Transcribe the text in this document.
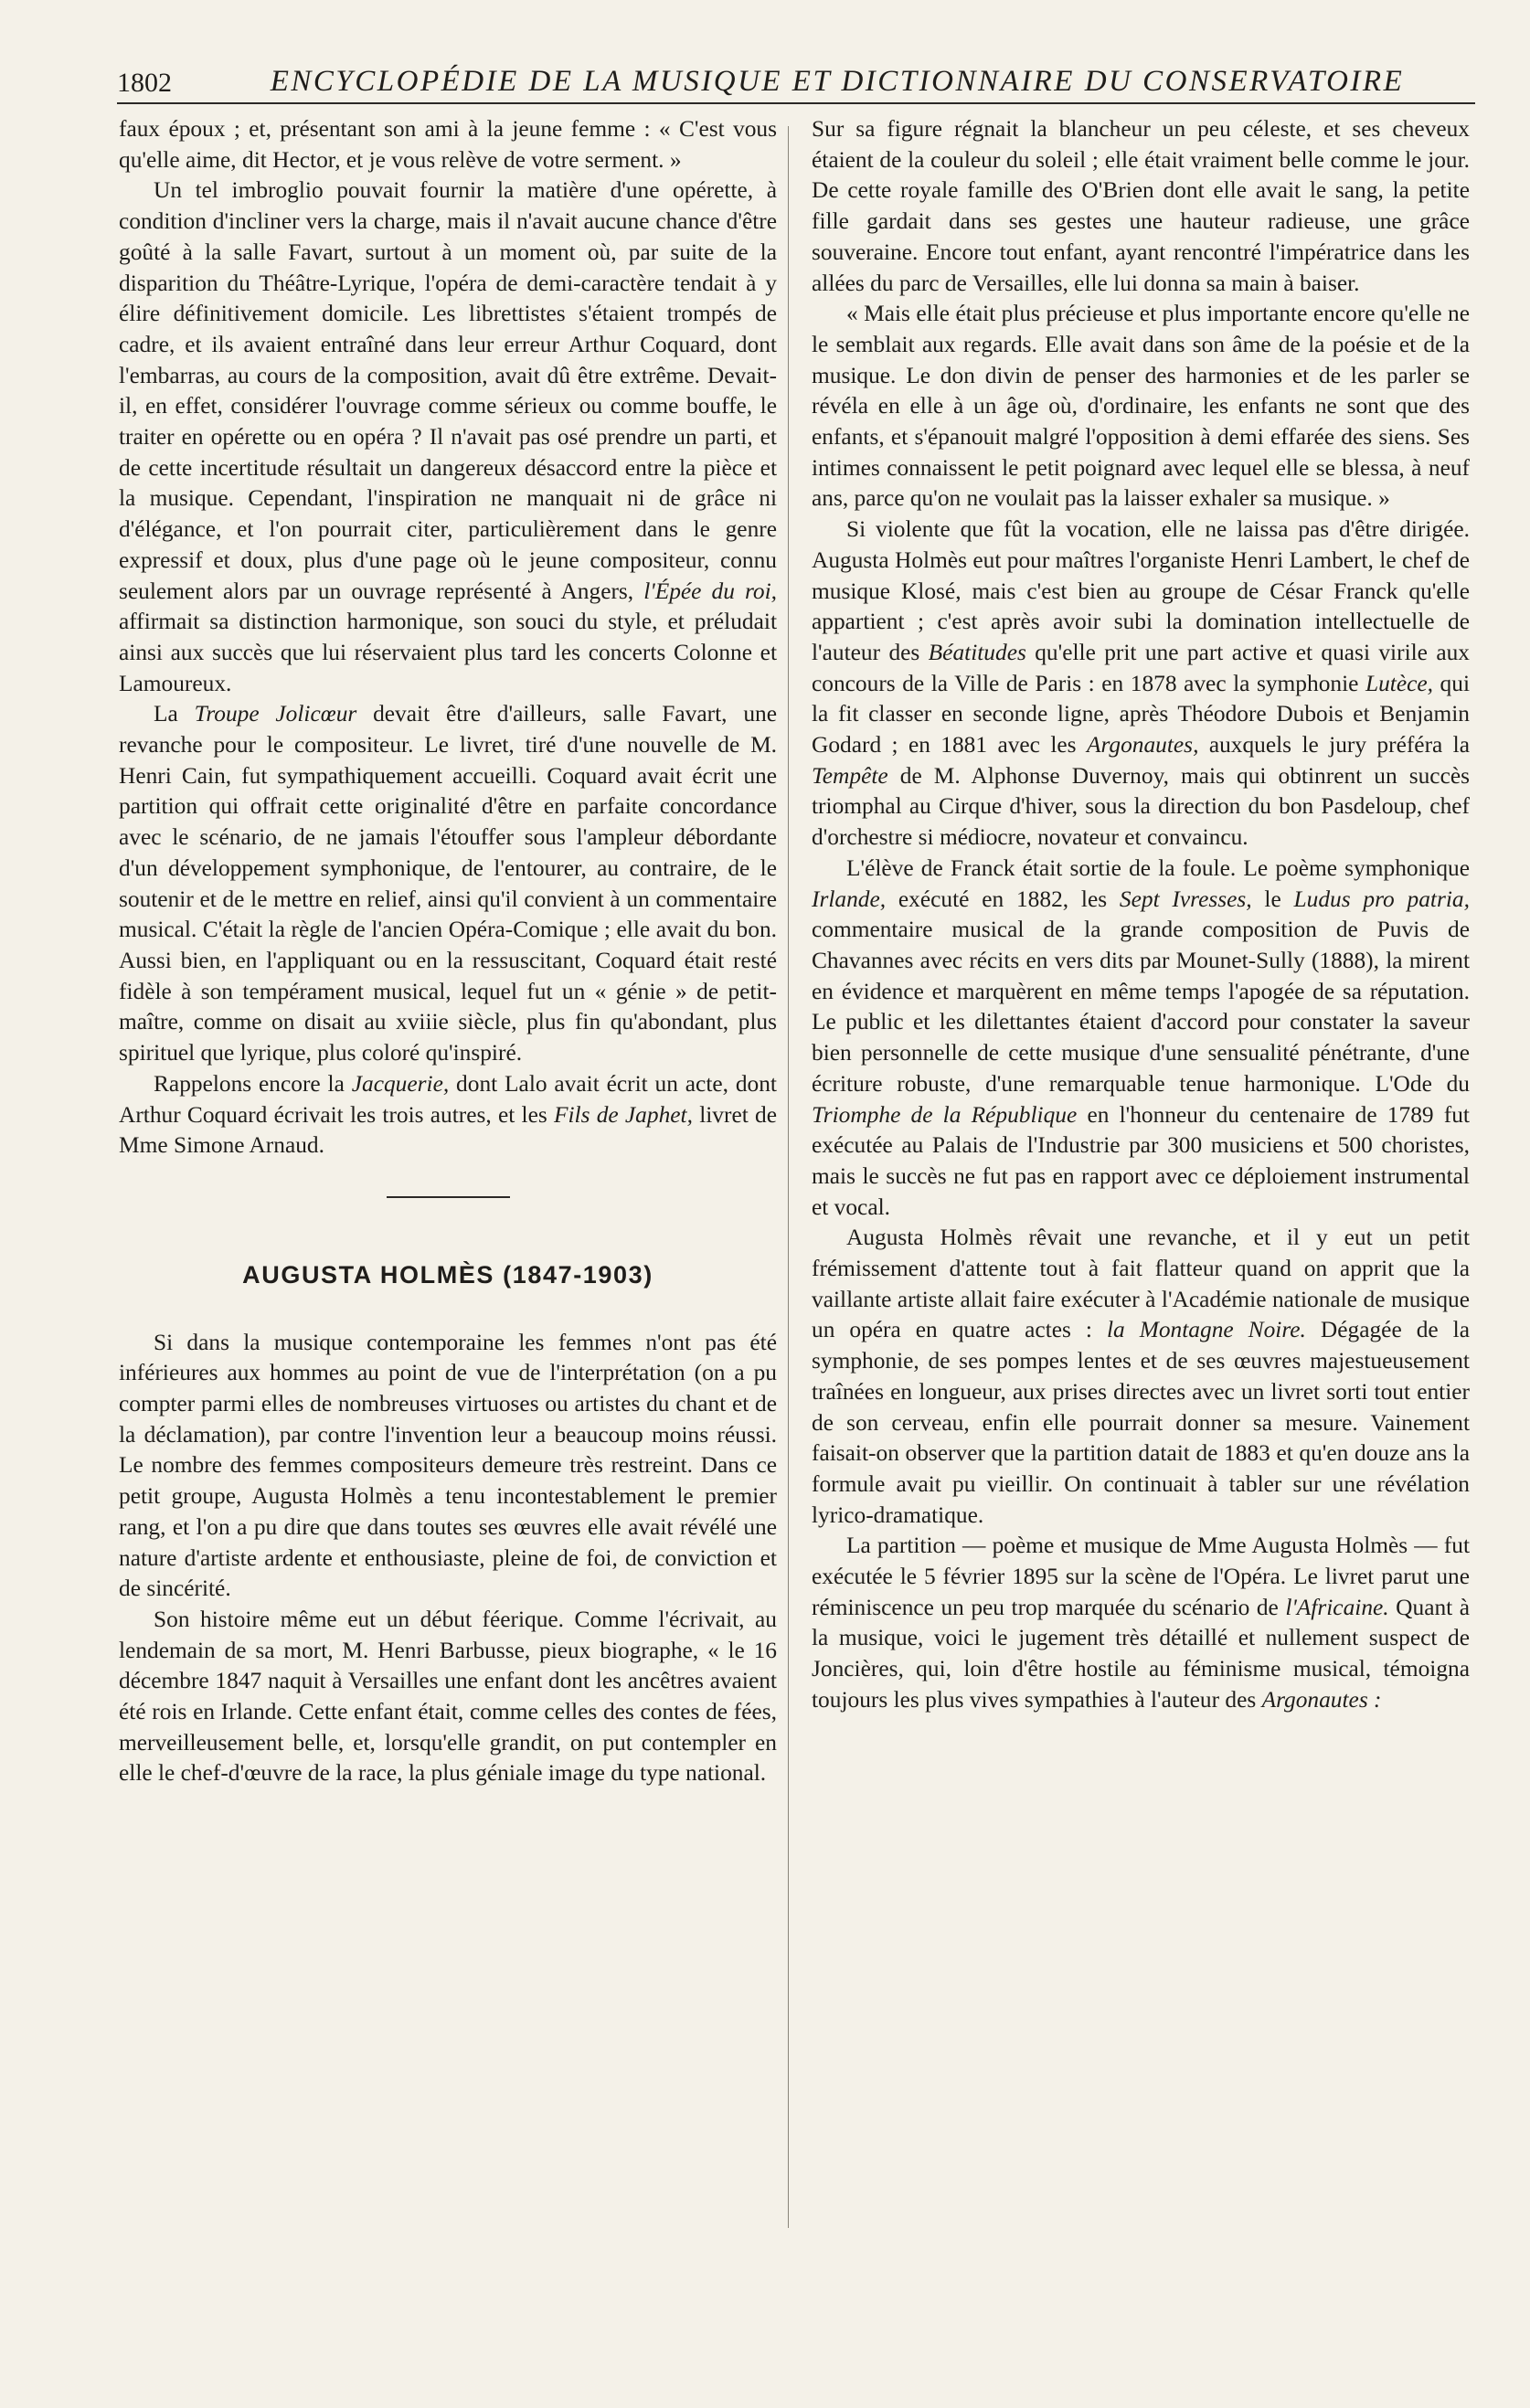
1802	ENCYCLOPÉDIE DE LA MUSIQUE ET DICTIONNAIRE DU CONSERVATOIRE

faux époux ; et, présentant son ami à la jeune femme : « C'est vous qu'elle aime, dit Hector, et je vous relève de votre serment. »

Un tel imbroglio pouvait fournir la matière d'une opérette, à condition d'incliner vers la charge, mais il n'avait aucune chance d'être goûté à la salle Favart, surtout à un moment où, par suite de la disparition du Théâtre-Lyrique, l'opéra de demi-caractère tendait à y élire définitivement domicile. Les librettistes s'étaient trompés de cadre, et ils avaient entraîné dans leur erreur Arthur Coquard, dont l'embarras, au cours de la composition, avait dû être extrême. Devait-il, en effet, considérer l'ouvrage comme sérieux ou comme bouffe, le traiter en opérette ou en opéra ? Il n'avait pas osé prendre un parti, et de cette incertitude résultait un dangereux désaccord entre la pièce et la musique. Cependant, l'inspiration ne manquait ni de grâce ni d'élégance, et l'on pourrait citer, particulièrement dans le genre expressif et doux, plus d'une page où le jeune compositeur, connu seulement alors par un ouvrage représenté à Angers, l'Épée du roi, affirmait sa distinction harmonique, son souci du style, et préludait ainsi aux succès que lui réservaient plus tard les concerts Colonne et Lamoureux.

La Troupe Jolicœur devait être d'ailleurs, salle Favart, une revanche pour le compositeur. Le livret, tiré d'une nouvelle de M. Henri Cain, fut sympathiquement accueilli. Coquard avait écrit une partition qui offrait cette originalité d'être en parfaite concordance avec le scénario, de ne jamais l'étouffer sous l'ampleur débordante d'un développement symphonique, de l'entourer, au contraire, de le soutenir et de le mettre en relief, ainsi qu'il convient à un commentaire musical. C'était la règle de l'ancien Opéra-Comique ; elle avait du bon. Aussi bien, en l'appliquant ou en la ressuscitant, Coquard était resté fidèle à son tempérament musical, lequel fut un « génie » de petit-maître, comme on disait au xviiie siècle, plus fin qu'abondant, plus spirituel que lyrique, plus coloré qu'inspiré.

Rappelons encore la Jacquerie, dont Lalo avait écrit un acte, dont Arthur Coquard écrivait les trois autres, et les Fils de Japhet, livret de Mme Simone Arnaud.

AUGUSTA HOLMÈS (1847-1903)

Si dans la musique contemporaine les femmes n'ont pas été inférieures aux hommes au point de vue de l'interprétation (on a pu compter parmi elles de nombreuses virtuoses ou artistes du chant et de la déclamation), par contre l'invention leur a beaucoup moins réussi. Le nombre des femmes compositeurs demeure très restreint. Dans ce petit groupe, Augusta Holmès a tenu incontestablement le premier rang, et l'on a pu dire que dans toutes ses œuvres elle avait révélé une nature d'artiste ardente et enthousiaste, pleine de foi, de conviction et de sincérité.

Son histoire même eut un début féerique. Comme l'écrivait, au lendemain de sa mort, M. Henri Barbusse, pieux biographe, « le 16 décembre 1847 naquit à Versailles une enfant dont les ancêtres avaient été rois en Irlande. Cette enfant était, comme celles des contes de fées, merveilleusement belle, et, lorsqu'elle grandit, on put contempler en elle le chef-d'œuvre de la race, la plus géniale image du type national.

Sur sa figure régnait la blancheur un peu céleste, et ses cheveux étaient de la couleur du soleil ; elle était vraiment belle comme le jour. De cette royale famille des O'Brien dont elle avait le sang, la petite fille gardait dans ses gestes une hauteur radieuse, une grâce souveraine. Encore tout enfant, ayant rencontré l'impératrice dans les allées du parc de Versailles, elle lui donna sa main à baiser.

« Mais elle était plus précieuse et plus importante encore qu'elle ne le semblait aux regards. Elle avait dans son âme de la poésie et de la musique. Le don divin de penser des harmonies et de les parler se révéla en elle à un âge où, d'ordinaire, les enfants ne sont que des enfants, et s'épanouit malgré l'opposition à demi effarée des siens. Ses intimes connaissent le petit poignard avec lequel elle se blessa, à neuf ans, parce qu'on ne voulait pas la laisser exhaler sa musique. »

Si violente que fût la vocation, elle ne laissa pas d'être dirigée. Augusta Holmès eut pour maîtres l'organiste Henri Lambert, le chef de musique Klosé, mais c'est bien au groupe de César Franck qu'elle appartient ; c'est après avoir subi la domination intellectuelle de l'auteur des Béatitudes qu'elle prit une part active et quasi virile aux concours de la Ville de Paris : en 1878 avec la symphonie Lutèce, qui la fit classer en seconde ligne, après Théodore Dubois et Benjamin Godard ; en 1881 avec les Argonautes, auxquels le jury préféra la Tempête de M. Alphonse Duvernoy, mais qui obtinrent un succès triomphal au Cirque d'hiver, sous la direction du bon Pasdeloup, chef d'orchestre si médiocre, novateur et convaincu.

L'élève de Franck était sortie de la foule. Le poème symphonique Irlande, exécuté en 1882, les Sept Ivresses, le Ludus pro patria, commentaire musical de la grande composition de Puvis de Chavannes avec récits en vers dits par Mounet-Sully (1888), la mirent en évidence et marquèrent en même temps l'apogée de sa réputation. Le public et les dilettantes étaient d'accord pour constater la saveur bien personnelle de cette musique d'une sensualité pénétrante, d'une écriture robuste, d'une remarquable tenue harmonique. L'Ode du Triomphe de la République en l'honneur du centenaire de 1789 fut exécutée au Palais de l'Industrie par 300 musiciens et 500 choristes, mais le succès ne fut pas en rapport avec ce déploiement instrumental et vocal.

Augusta Holmès rêvait une revanche, et il y eut un petit frémissement d'attente tout à fait flatteur quand on apprit que la vaillante artiste allait faire exécuter à l'Académie nationale de musique un opéra en quatre actes : la Montagne Noire. Dégagée de la symphonie, de ses pompes lentes et de ses œuvres majestueusement traînées en longueur, aux prises directes avec un livret sorti tout entier de son cerveau, enfin elle pourrait donner sa mesure. Vainement faisait-on observer que la partition datait de 1883 et qu'en douze ans la formule avait pu vieillir. On continuait à tabler sur une révélation lyrico-dramatique.

La partition — poème et musique de Mme Augusta Holmès — fut exécutée le 5 février 1895 sur la scène de l'Opéra. Le livret parut une réminiscence un peu trop marquée du scénario de l'Africaine. Quant à la musique, voici le jugement très détaillé et nullement suspect de Joncières, qui, loin d'être hostile au féminisme musical, témoigna toujours les plus vives sympathies à l'auteur des Argonautes :
